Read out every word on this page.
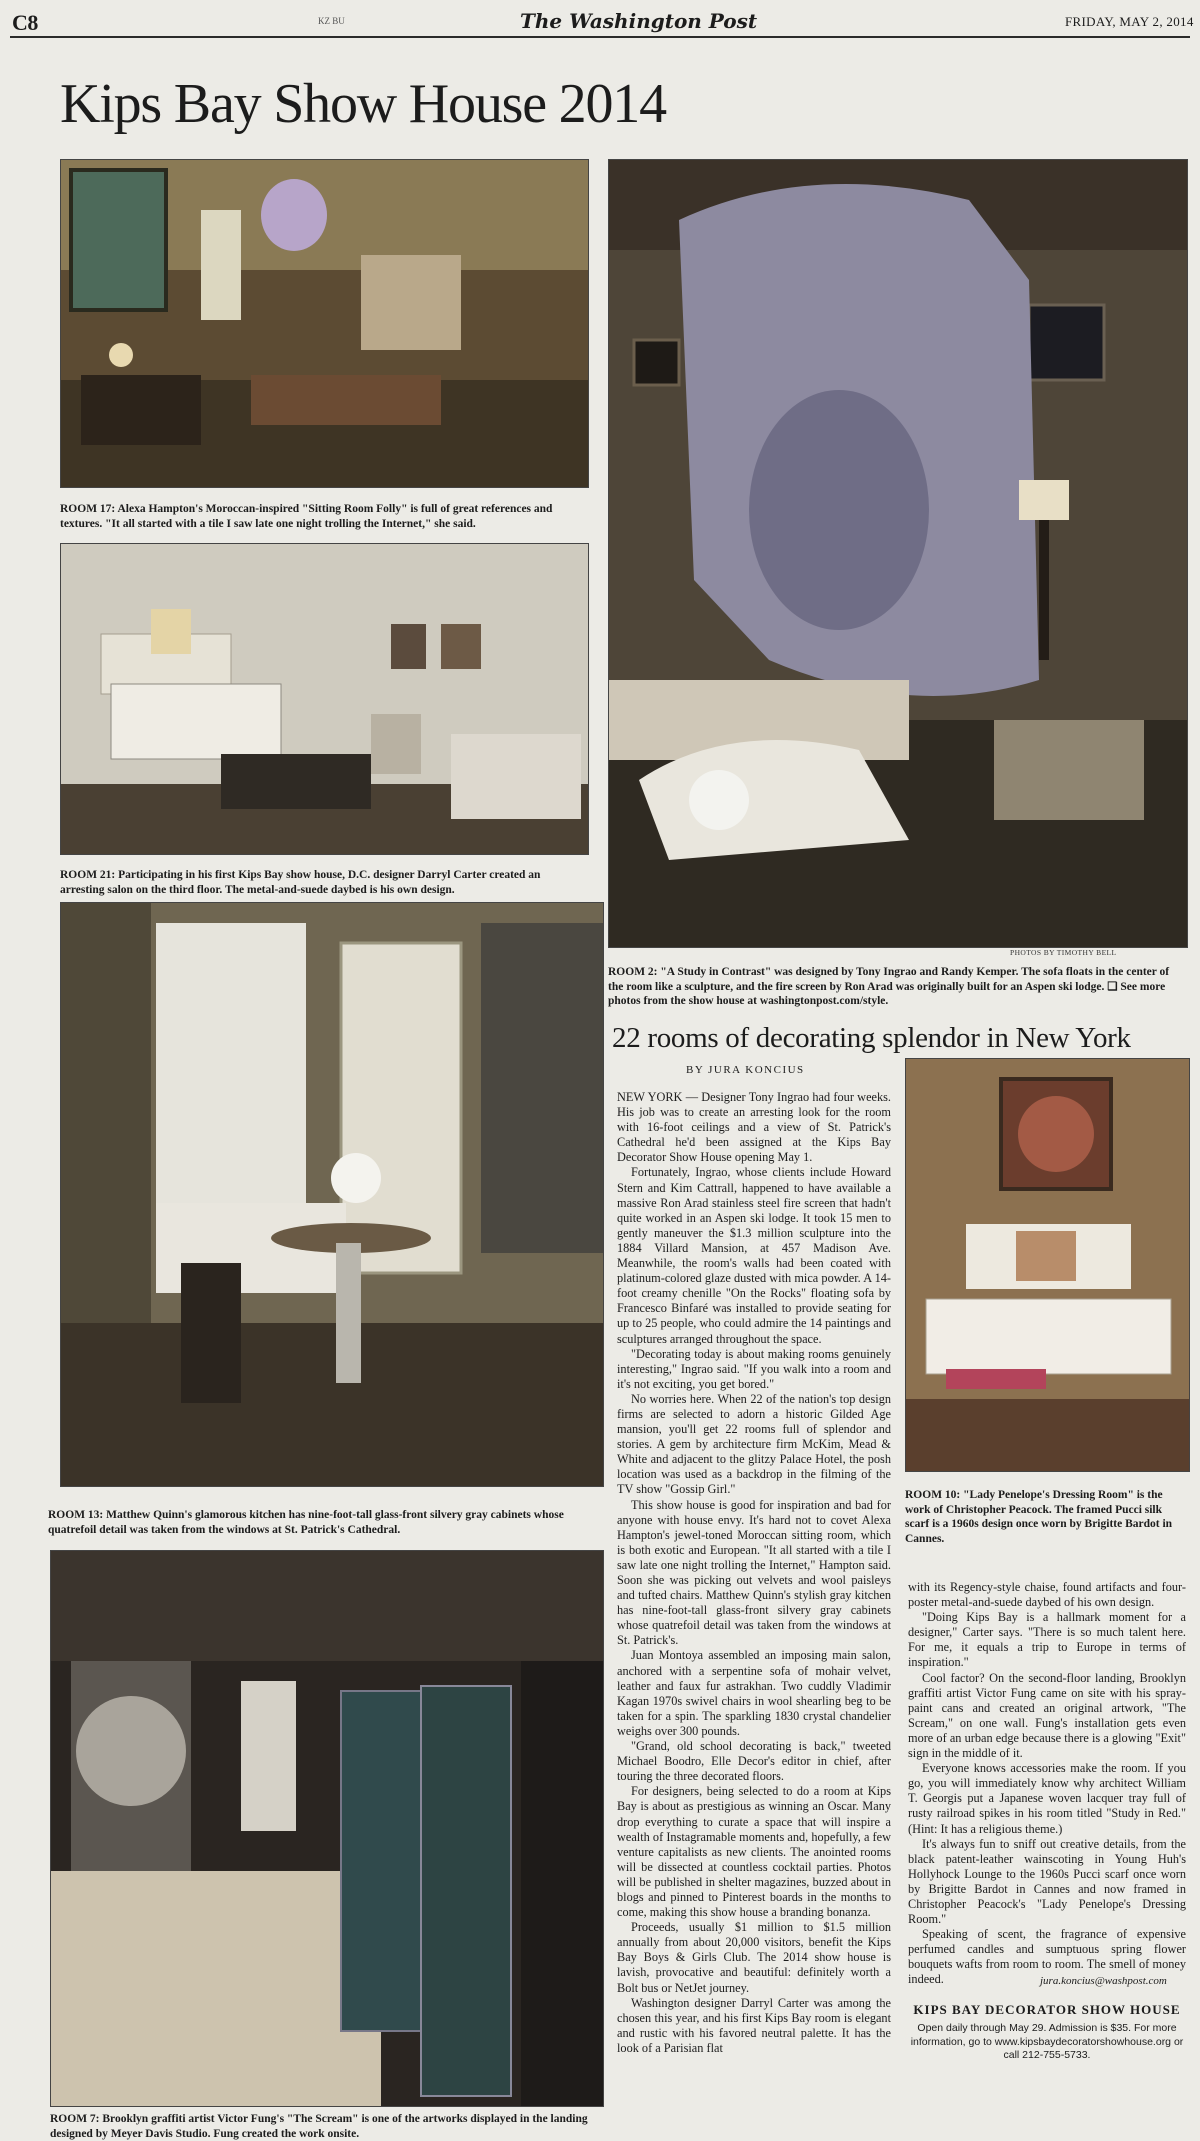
C8	KZ BU	The Washington Post	FRIDAY, MAY 2, 2014
Kips Bay Show House 2014
ROOM 17: Alexa Hampton's Moroccan-inspired "Sitting Room Folly" is full of great references and textures. "It all started with a tile I saw late one night trolling the Internet," she said.
ROOM 21: Participating in his first Kips Bay show house, D.C. designer Darryl Carter created an arresting salon on the third floor. The metal-and-suede daybed is his own design.
PHOTOS BY TIMOTHY BELL
ROOM 2: "A Study in Contrast" was designed by Tony Ingrao and Randy Kemper. The sofa floats in the center of the room like a sculpture, and the fire screen by Ron Arad was originally built for an Aspen ski lodge. ❏ See more photos from the show house at washingtonpost.com/style.
ROOM 13: Matthew Quinn's glamorous kitchen has nine-foot-tall glass-front silvery gray cabinets whose quatrefoil detail was taken from the windows at St. Patrick's Cathedral.
ROOM 10: "Lady Penelope's Dressing Room" is the work of Christopher Peacock. The framed Pucci silk scarf is a 1960s design once worn by Brigitte Bardot in Cannes.
ROOM 7: Brooklyn graffiti artist Victor Fung's "The Scream" is one of the artworks displayed in the landing designed by Meyer Davis Studio. Fung created the work onsite.
22 rooms of decorating splendor in New York
BY JURA KONCIUS

NEW YORK — Designer Tony Ingrao had four weeks. His job was to create an arresting look for the room with 16-foot ceilings and a view of St. Patrick's Cathedral he'd been assigned at the Kips Bay Decorator Show House opening May 1.

Fortunately, Ingrao, whose clients include Howard Stern and Kim Cattrall, happened to have available a massive Ron Arad stainless steel fire screen that hadn't quite worked in an Aspen ski lodge. It took 15 men to gently maneuver the $1.3 million sculpture into the 1884 Villard Mansion, at 457 Madison Ave. Meanwhile, the room's walls had been coated with platinum-colored glaze dusted with mica powder. A 14-foot creamy chenille "On the Rocks" floating sofa by Francesco Binfaré was installed to provide seating for up to 25 people, who could admire the 14 paintings and sculptures arranged throughout the space.

"Decorating today is about making rooms genuinely interesting," Ingrao said. "If you walk into a room and it's not exciting, you get bored."

No worries here. When 22 of the nation's top design firms are selected to adorn a historic Gilded Age mansion, you'll get 22 rooms full of splendor and stories. A gem by architecture firm McKim, Mead & White and adjacent to the glitzy Palace Hotel, the posh location was used as a backdrop in the filming of the TV show "Gossip Girl."

This show house is good for inspiration and bad for anyone with house envy. It's hard not to covet Alexa Hampton's jewel-toned Moroccan sitting room, which is both exotic and European. "It all started with a tile I saw late one night trolling the Internet," Hampton said. Soon she was picking out velvets and wool paisleys and tufted chairs. Matthew Quinn's stylish gray kitchen has nine-foot-tall glass-front silvery gray cabinets whose quatrefoil detail was taken from the windows at St. Patrick's.

Juan Montoya assembled an imposing main salon, anchored with a serpentine sofa of mohair velvet, leather and faux fur astrakhan. Two cuddly Vladimir Kagan 1970s swivel chairs in wool shearling beg to be taken for a spin. The sparkling 1830 crystal chandelier weighs over 300 pounds.

"Grand, old school decorating is back," tweeted Michael Boodro, Elle Decor's editor in chief, after touring the three decorated floors.

For designers, being selected to do a room at Kips Bay is about as prestigious as winning an Oscar. Many drop everything to curate a space that will inspire a wealth of Instagramable moments and, hopefully, a few venture capitalists as new clients. The anointed rooms will be dissected at countless cocktail parties. Photos will be published in shelter magazines, buzzed about in blogs and pinned to Pinterest boards in the months to come, making this show house a branding bonanza.

Proceeds, usually $1 million to $1.5 million annually from about 20,000 visitors, benefit the Kips Bay Boys & Girls Club. The 2014 show house is lavish, provocative and beautiful: definitely worth a Bolt bus or NetJet journey.

Washington designer Darryl Carter was among the chosen this year, and his first Kips Bay room is elegant and rustic with his favored neutral palette. It has the look of a Parisian flat

with its Regency-style chaise, found artifacts and four-poster metal-and-suede daybed of his own design.

"Doing Kips Bay is a hallmark moment for a designer," Carter says. "There is so much talent here. For me, it equals a trip to Europe in terms of inspiration."

Cool factor? On the second-floor landing, Brooklyn graffiti artist Victor Fung came on site with his spray-paint cans and created an original artwork, "The Scream," on one wall. Fung's installation gets even more of an urban edge because there is a glowing "Exit" sign in the middle of it.

Everyone knows accessories make the room. If you go, you will immediately know why architect William T. Georgis put a Japanese woven lacquer tray full of rusty railroad spikes in his room titled "Study in Red." (Hint: It has a religious theme.)

It's always fun to sniff out creative details, from the black patent-leather wainscoting in Young Huh's Hollyhock Lounge to the 1960s Pucci scarf once worn by Brigitte Bardot in Cannes and now framed in Christopher Peacock's "Lady Penelope's Dressing Room."

Speaking of scent, the fragrance of expensive perfumed candles and sumptuous spring flower bouquets wafts from room to room. The smell of money indeed.	jura.koncius@washpost.com
KIPS BAY DECORATOR SHOW HOUSE
Open daily through May 29. Admission is $35. For more information, go to www.kipsbaydecoratorshowhouse.org or call 212-755-5733.
